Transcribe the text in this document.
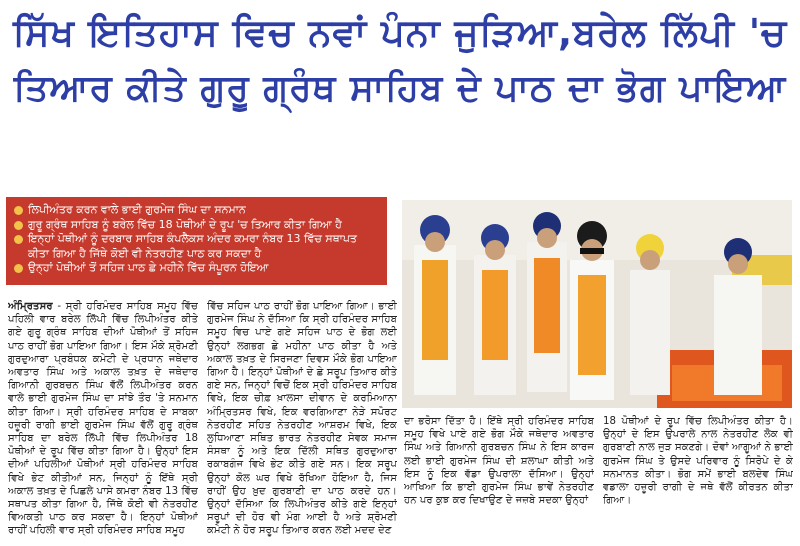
ਸਿੱਖ ਇਤਿਹਾਸ ਵਿਚ ਨਵਾਂ ਪੰਨਾ ਜੁੜਿਆ,ਬਰੇਲ ਲਿੱਪੀ 'ਚ
ਤਿਆਰ ਕੀਤੇ ਗੁਰੂ ਗ੍ਰੰਥ ਸਾਹਿਬ ਦੇ ਪਾਠ ਦਾ ਭੋਗ ਪਾਇਆ
ਲਿਪੀਅੰਤਰ ਕਰਨ ਵਾਲੇ ਭਾਈ ਗੁਰਮੇਜ ਸਿੰਘ ਦਾ ਸਨਮਾਨ
ਗੁਰੂ ਗ੍ਰੰਥ ਸਾਹਿਬ ਨੂੰ ਬਰੇਲ ਵਿੱਚ 18 ਪੋਥੀਆਂ ਦੇ ਰੂਪ 'ਚ ਤਿਆਰ ਕੀਤਾ ਗਿਆ ਹੈ
ਇਨ੍ਹਾਂ ਪੋਥੀਆਂ ਨੂੰ ਦਰਬਾਰ ਸਾਹਿਬ ਕੰਪਲੈਕਸ ਅੰਦਰ ਕਮਰਾ ਨੰਬਰ 13 ਵਿੱਚ ਸਥਾਪਤ ਕੀਤਾ ਗਿਆ ਹੈ ਜਿੱਥੇ ਕੋਈ ਵੀ ਨੇਤਰਹੀਣ ਪਾਠ ਕਰ ਸਕਦਾ ਹੈ
ਉਨ੍ਹਾਂ ਪੋਥੀਆਂ ਤੋਂ ਸਹਿਜ ਪਾਠ ਛੇ ਮਹੀਨੇ ਵਿੱਚ ਸੰਪੂਰਨ ਹੋਇਆ
ਅੰਮ੍ਰਿਤਸਰ - ਸ੍ਰੀ ਹਰਿਮੰਦਰ ਸਾਹਿਬ ਸਮੂਹ ਵਿੱਚ ਪਹਿਲੀ ਵਾਰ ਬਰੇਲ ਲਿੱਪੀ ਵਿੱਚ ਲਿਪੀਅੰਤਰ ਕੀਤੇ ਗਏ ਗੁਰੂ ਗ੍ਰੰਥ ਸਾਹਿਬ ਦੀਆਂ ਪੋਥੀਆਂ ਤੋਂ ਸਹਿਜ ਪਾਠ ਰਾਹੀਂ ਭੋਗ ਪਾਇਆ ਗਿਆ। ਇਸ ਮੌਕੇ ਸ਼੍ਰੋਮਣੀ ਗੁਰਦੁਆਰਾ ਪ੍ਰਬੰਧਕ ਕਮੇਟੀ ਦੇ ਪ੍ਰਧਾਨ ਜਥੇਦਾਰ ਅਵਤਾਰ ਸਿੰਘ ਅਤੇ ਅਕਾਲ ਤਖ਼ਤ ਦੇ ਜਥੇਦਾਰ ਗਿਆਨੀ ਗੁਰਬਚਨ ਸਿੰਘ ਵੱਲੋਂ ਲਿਪੀਅੰਤਰ ਕਰਨ ਵਾਲੇ ਭਾਈ ਗੁਰਮੇਜ ਸਿੰਘ ਦਾ ਸਾਂਝੇ ਤੌਰ 'ਤੇ ਸਨਮਾਨ ਕੀਤਾ ਗਿਆ। ਸ੍ਰੀ ਹਰਿਮੰਦਰ ਸਾਹਿਬ ਦੇ ਸਾਬਕਾ ਹਜ਼ੂਰੀ ਰਾਗੀ ਭਾਈ ਗੁਰਮੇਜ ਸਿੰਘ ਵੱਲੋਂ ਗੁਰੂ ਗ੍ਰੰਥ ਸਾਹਿਬ ਦਾ ਬਰੇਲ ਲਿੱਪੀ ਵਿੱਚ ਲਿਪੀਅੰਤਰ 18 ਪੋਥੀਆਂ ਦੇ ਰੂਪ ਵਿੱਚ ਕੀਤਾ ਗਿਆ ਹੈ। ਉਨ੍ਹਾਂ ਇਸ ਦੀਆਂ ਪਹਿਲੀਆਂ ਪੋਥੀਆਂ ਸ੍ਰੀ ਹਰਿਮੰਦਰ ਸਾਹਿਬ ਵਿਖੇ ਭੇਟ ਕੀਤੀਆਂ ਸਨ, ਜਿਨ੍ਹਾਂ ਨੂੰ ਇੱਥੇ ਸ੍ਰੀ ਅਕਾਲ ਤਖ਼ਤ ਦੇ ਪਿਛਲੇ ਪਾਸੇ ਕਮਰਾ ਨੰਬਰ 13 ਵਿੱਚ ਸਥਾਪਤ ਕੀਤਾ ਗਿਆ ਹੈ, ਜਿੱਥੇ ਕੋਈ ਵੀ ਨੇਤਰਹੀਣ ਵਿਅਕਤੀ ਪਾਠ ਕਰ ਸਕਦਾ ਹੈ। ਇਨ੍ਹਾਂ ਪੋਥੀਆਂ ਰਾਹੀਂ ਪਹਿਲੀ ਵਾਰ ਸ੍ਰੀ ਹਰਿਮੰਦਰ ਸਾਹਿਬ ਸਮੂਹ
ਵਿੱਚ ਸਹਿਜ ਪਾਠ ਰਾਹੀਂ ਭੋਗ ਪਾਇਆ ਗਿਆ। ਭਾਈ ਗੁਰਮੇਜ ਸਿੰਘ ਨੇ ਦੱਸਿਆ ਕਿ ਸ੍ਰੀ ਹਰਿਮੰਦਰ ਸਾਹਿਬ ਸਮੂਹ ਵਿਚ ਪਾਏ ਗਏ ਸਹਿਜ ਪਾਠ ਦੇ ਭੋਗ ਲਈ ਉਨ੍ਹਾਂ ਲਗਭਗ ਛੇ ਮਹੀਨਾ ਪਾਠ ਕੀਤਾ ਹੈ ਅਤੇ ਅਕਾਲ ਤਖ਼ਤ ਦੇ ਸਿਰਜਣਾ ਦਿਵਸ ਮੌਕੇ ਭੋਗ ਪਾਇਆ ਗਿਆ ਹੈ। ਇਨ੍ਹਾਂ ਪੋਥੀਆਂ ਦੇ ਛੇ ਸਰੂਪ ਤਿਆਰ ਕੀਤੇ ਗਏ ਸਨ, ਜਿਨ੍ਹਾਂ ਵਿਚੋਂ ਇਕ ਸ੍ਰੀ ਹਰਿਮੰਦਰ ਸਾਹਿਬ ਵਿਖੇ, ਇਕ ਚੀਫ਼ ਖ਼ਾਲਸਾ ਦੀਵਾਨ ਦੇ ਕਰਮਿਆਨਾ ਅੰਮ੍ਰਿਤਸਰ ਵਿਖੇ, ਇਕ ਵਰਗਿਆਣਾ ਨੇੜੇ ਸਪੋਰਟ ਨੇਤਰਹੀਣ ਸਹਿਤ ਨੇਤਰਹੀਣ ਆਸ਼ਰਮ ਵਿਖੇ, ਇਕ ਲੁਧਿਆਣਾ ਸਥਿਤ ਭਾਰਤ ਨੇਤਰਹੀਣ ਸੇਵਕ ਸਮਾਜ ਸੰਸਥਾ ਨੂੰ ਅਤੇ ਇਕ ਦਿੱਲੀ ਸਥਿਤ ਗੁਰਦੁਆਰਾ ਰਕਾਬਗੰਜ ਵਿਖੇ ਭੇਟ ਕੀਤੇ ਗਏ ਸਨ। ਇਕ ਸਰੂਪ ਉਨ੍ਹਾਂ ਕੋਲ ਘਰ ਵਿਖੇ ਰੱਖਿਆ ਹੋਇਆ ਹੈ, ਜਿਸ ਰਾਹੀਂ ਉਹ ਖ਼ੁਦ ਗੁਰਬਾਣੀ ਦਾ ਪਾਠ ਕਰਦੇ ਹਨ। ਉਨ੍ਹਾਂ ਦੱਸਿਆ ਕਿ ਲਿਪੀਅੰਤਰ ਕੀਤੇ ਗਏ ਇਨ੍ਹਾਂ ਸਰੂਪਾਂ ਦੀ ਹੋਰ ਵੀ ਮੰਗ ਆਈ ਹੈ ਅਤੇ ਸ਼੍ਰੋਮਣੀ ਕਮੇਟੀ ਨੇ ਹੋਰ ਸਰੂਪ ਤਿਆਰ ਕਰਨ ਲਈ ਮਦਦ ਦੇਣ
ਦਾ ਭਰੋਸਾ ਦਿੱਤਾ ਹੈ। ਇੱਥੇ ਸ੍ਰੀ ਹਰਿਮੰਦਰ ਸਾਹਿਬ ਸਮੂਹ ਵਿਖੇ ਪਾਏ ਗਏ ਭੋਗ ਮੌਕੇ ਜਥੇਦਾਰ ਅਵਤਾਰ ਸਿੰਘ ਅਤੇ ਗਿਆਨੀ ਗੁਰਬਚਨ ਸਿੰਘ ਨੇ ਇਸ ਕਾਰਜ ਲਈ ਭਾਈ ਗੁਰਮੇਜ ਸਿੰਘ ਦੀ ਸ਼ਲਾਘਾ ਕੀਤੀ ਅਤੇ ਇਸ ਨੂੰ ਇਕ ਵੱਡਾ ਉਪਰਾਲਾ ਦੱਸਿਆ। ਉਨ੍ਹਾਂ ਆਖਿਆ ਕਿ ਭਾਈ ਗੁਰਮੇਜ ਸਿੰਘ ਭਾਵੇਂ ਨੇਤਰਹੀਣ ਹਨ ਪਰ ਕੁਝ ਕਰ ਦਿਖਾਉਣ ਦੇ ਜਜ਼ਬੇ ਸਦਕਾ ਉਨ੍ਹਾਂ
18 ਪੋਥੀਆਂ ਦੇ ਰੂਪ ਵਿੱਚ ਲਿਪੀਅੰਤਰ ਕੀਤਾ ਹੈ। ਉਨ੍ਹਾਂ ਦੇ ਇਸ ਉਪਰਾਲੇ ਨਾਲ ਨੇਤਰਹੀਣ ਲੋਕ ਵੀ ਗੁਰਬਾਣੀ ਨਾਲ ਜੁੜ ਸਕਣਗੇ। ਦੋਵਾਂ ਆਗੂਆਂ ਨੇ ਭਾਈ ਗੁਰਮੇਜ ਸਿੰਘ ਤੇ ਉਸਦੇ ਪਰਿਵਾਰ ਨੂੰ ਸਿਰੋਪੇ ਦੇ ਕੇ ਸਨਮਾਨਤ ਕੀਤਾ। ਭੋਗ ਸਮੇਂ ਭਾਈ ਬਲਦੇਵ ਸਿੰਘ ਵਡਾਲਾ ਹਜ਼ੂਰੀ ਰਾਗੀ ਦੇ ਜਥੇ ਵੱਲੋਂ ਕੀਰਤਨ ਕੀਤਾ ਗਿਆ।
